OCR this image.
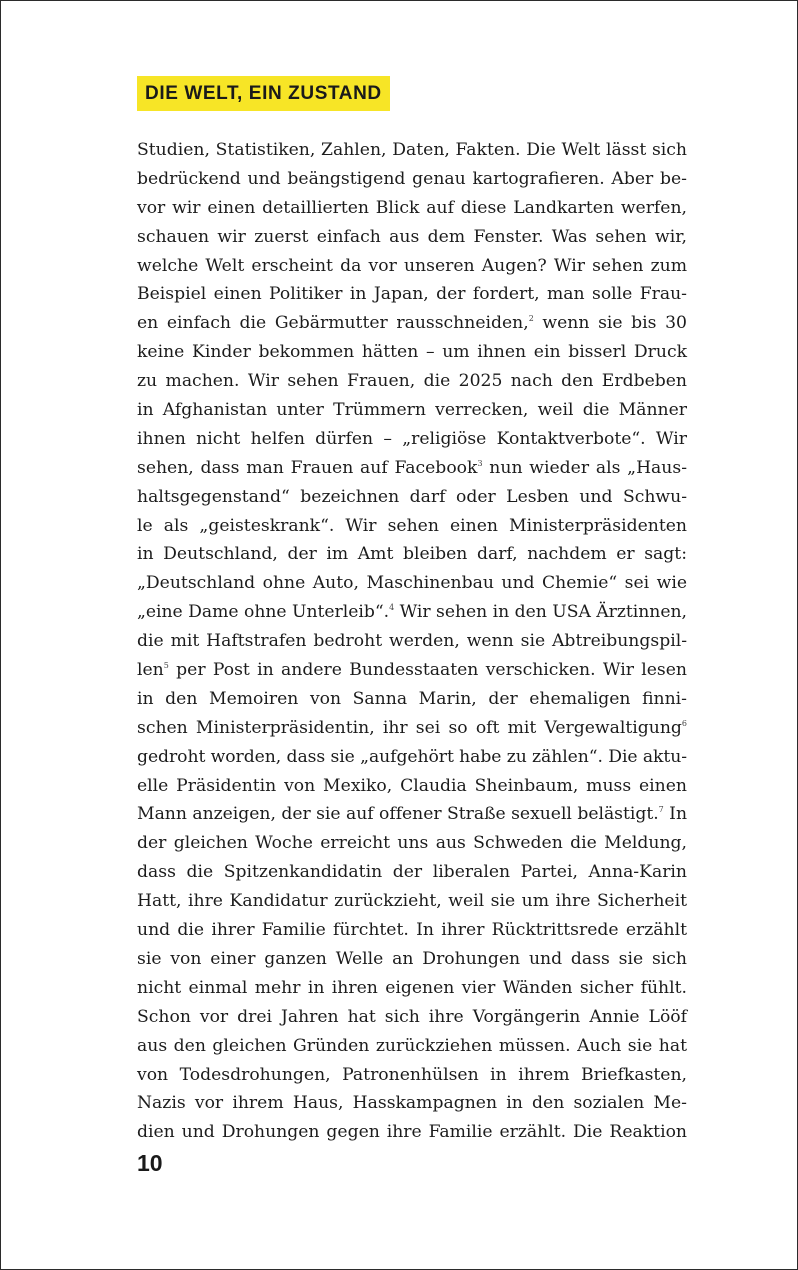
DIE WELT, EIN ZUSTAND
Studien, Statistiken, Zahlen, Daten, Fakten. Die Welt lässt sich
bedrückend und beängstigend genau kartografieren. Aber be-
vor wir einen detaillierten Blick auf diese Landkarten werfen,
schauen wir zuerst einfach aus dem Fenster. Was sehen wir,
welche Welt erscheint da vor unseren Augen? Wir sehen zum
Beispiel einen Politiker in Japan, der fordert, man solle Frau-
en einfach die Gebärmutter rausschneiden,$^2$ wenn sie bis 30
keine Kinder bekommen hätten – um ihnen ein bisserl Druck
zu machen. Wir sehen Frauen, die 2025 nach den Erdbeben
in Afghanistan unter Trümmern verrecken, weil die Männer
ihnen nicht helfen dürfen – „religiöse Kontaktverbote“. Wir
sehen, dass man Frauen auf Facebook$^3$ nun wieder als „Haus-
haltsgegenstand“ bezeichnen darf oder Lesben und Schwu-
le als „geisteskrank“. Wir sehen einen Ministerpräsidenten
in Deutschland, der im Amt bleiben darf, nachdem er sagt:
„Deutschland ohne Auto, Maschinenbau und Chemie“ sei wie
„eine Dame ohne Unterleib“.$^4$ Wir sehen in den USA Ärztinnen,
die mit Haftstrafen bedroht werden, wenn sie Abtreibungspil-
len$^5$ per Post in andere Bundesstaaten verschicken. Wir lesen
in den Memoiren von Sanna Marin, der ehemaligen finni-
schen Ministerpräsidentin, ihr sei so oft mit Vergewaltigung$^6$
gedroht worden, dass sie „aufgehört habe zu zählen“. Die aktu-
elle Präsidentin von Mexiko, Claudia Sheinbaum, muss einen
Mann anzeigen, der sie auf offener Straße sexuell belästigt.$^7$ In
der gleichen Woche erreicht uns aus Schweden die Meldung,
dass die Spitzenkandidatin der liberalen Partei, Anna-Karin
Hatt, ihre Kandidatur zurückzieht, weil sie um ihre Sicherheit
und die ihrer Familie fürchtet. In ihrer Rücktrittsrede erzählt
sie von einer ganzen Welle an Drohungen und dass sie sich
nicht einmal mehr in ihren eigenen vier Wänden sicher fühlt.
Schon vor drei Jahren hat sich ihre Vorgängerin Annie Lööf
aus den gleichen Gründen zurückziehen müssen. Auch sie hat
von Todesdrohungen, Patronenhülsen in ihrem Briefkasten,
Nazis vor ihrem Haus, Hasskampagnen in den sozialen Me-
dien und Drohungen gegen ihre Familie erzählt. Die Reaktion
10
